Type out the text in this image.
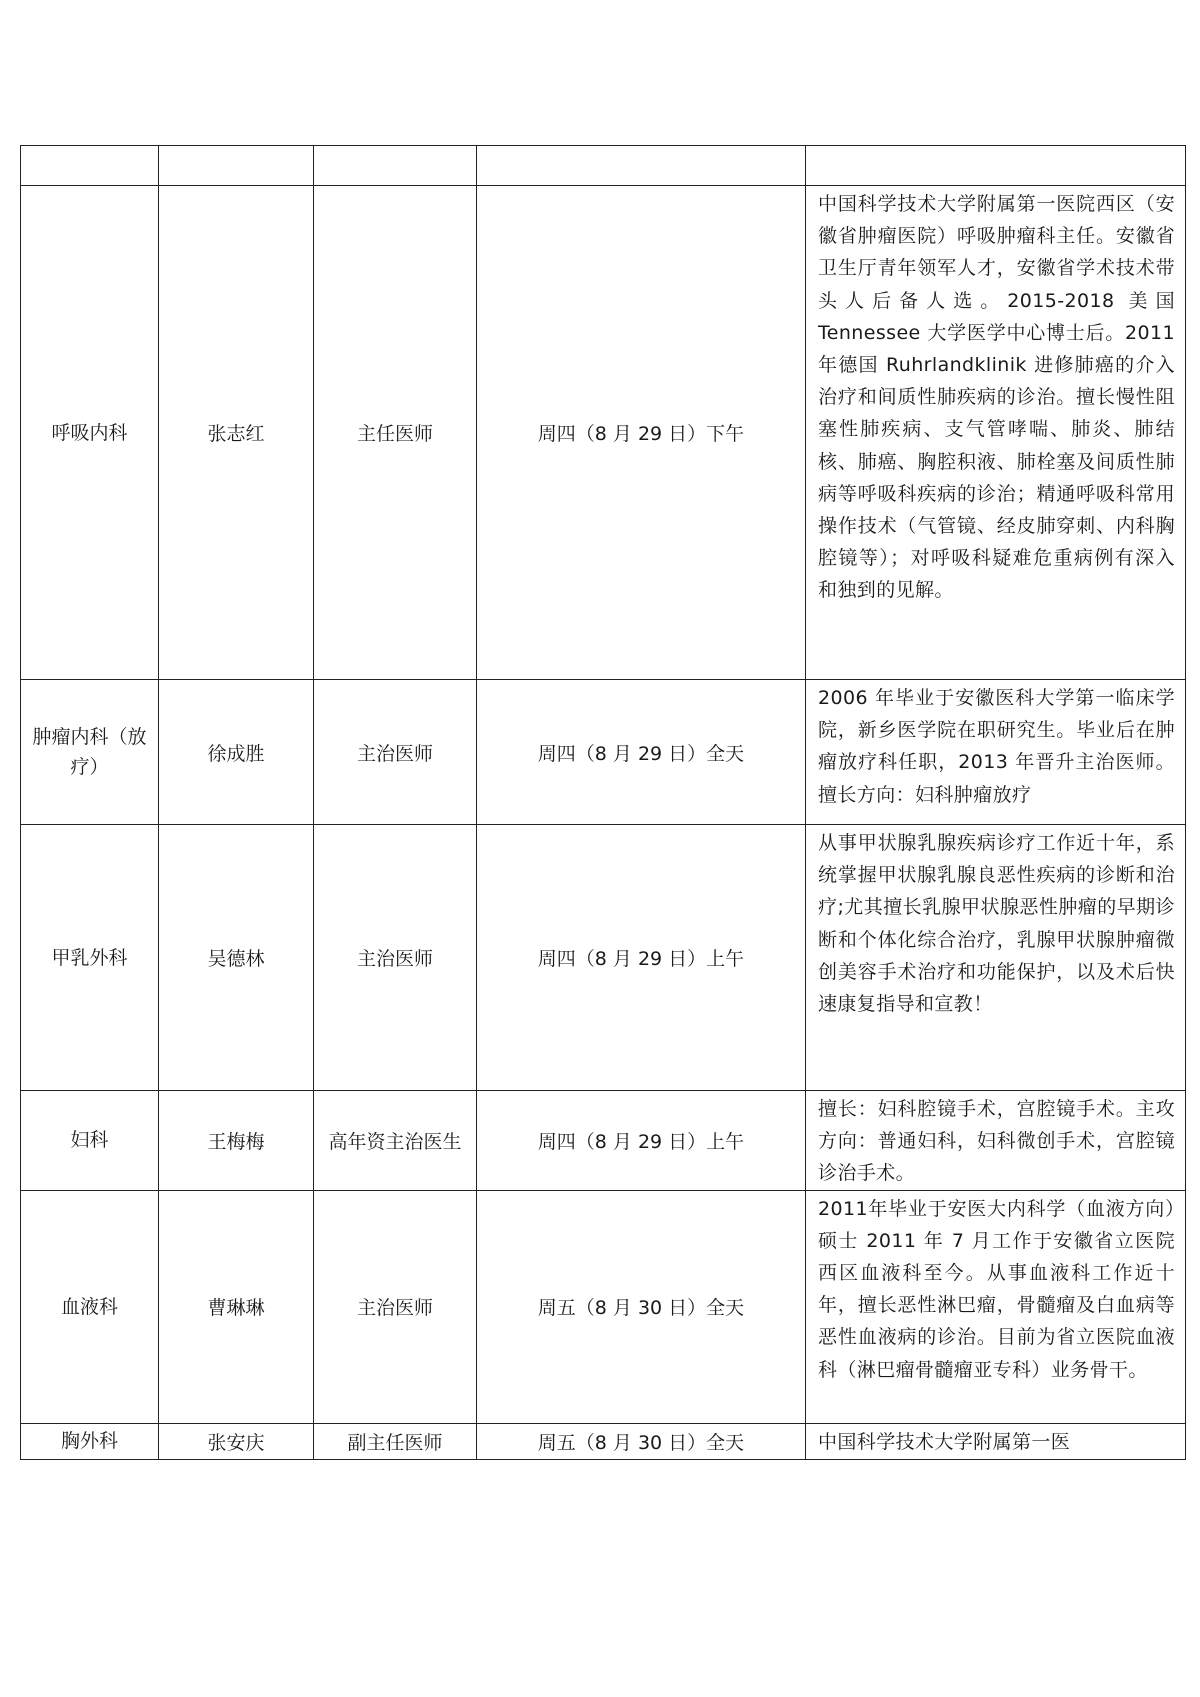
呼吸内科	张志红	主任医师	周四（8 月 29 日）下午	中国科学技术大学附属第一医院西区（安徽省肿瘤医院）呼吸肿瘤科主任。安徽省卫生厅青年领军人才，安徽省学术技术带头人后备人选。2015-2018 美国 Tennessee 大学医学中心博士后。2011 年德国 Ruhrlandklinik 进修肺癌的介入治疗和间质性肺疾病的诊治。擅长慢性阻塞性肺疾病、支气管哮喘、肺炎、肺结核、肺癌、胸腔积液、肺栓塞及间质性肺病等呼吸科疾病的诊治；精通呼吸科常用操作技术（气管镜、经皮肺穿刺、内科胸腔镜等）；对呼吸科疑难危重病例有深入和独到的见解。
肿瘤内科（放疗）	徐成胜	主治医师	周四（8 月 29 日）全天	2006 年毕业于安徽医科大学第一临床学院，新乡医学院在职研究生。毕业后在肿瘤放疗科任职，2013 年晋升主治医师。擅长方向：妇科肿瘤放疗
甲乳外科	吴德林	主治医师	周四（8 月 29 日）上午	从事甲状腺乳腺疾病诊疗工作近十年，系统掌握甲状腺乳腺良恶性疾病的诊断和治疗;尤其擅长乳腺甲状腺恶性肿瘤的早期诊断和个体化综合治疗，乳腺甲状腺肿瘤微创美容手术治疗和功能保护，以及术后快速康复指导和宣教！
妇科	王梅梅	高年资主治医生	周四（8 月 29 日）上午	擅长：妇科腔镜手术，宫腔镜手术。主攻方向：普通妇科，妇科微创手术，宫腔镜诊治手术。
血液科	曹琳琳	主治医师	周五（8 月 30 日）全天	2011年毕业于安医大内科学（血液方向）硕士 2011 年 7 月工作于安徽省立医院西区血液科至今。从事血液科工作近十年，擅长恶性淋巴瘤，骨髓瘤及白血病等恶性血液病的诊治。目前为省立医院血液科（淋巴瘤骨髓瘤亚专科）业务骨干。
胸外科	张安庆	副主任医师	周五（8 月 30 日）全天	中国科学技术大学附属第一医
